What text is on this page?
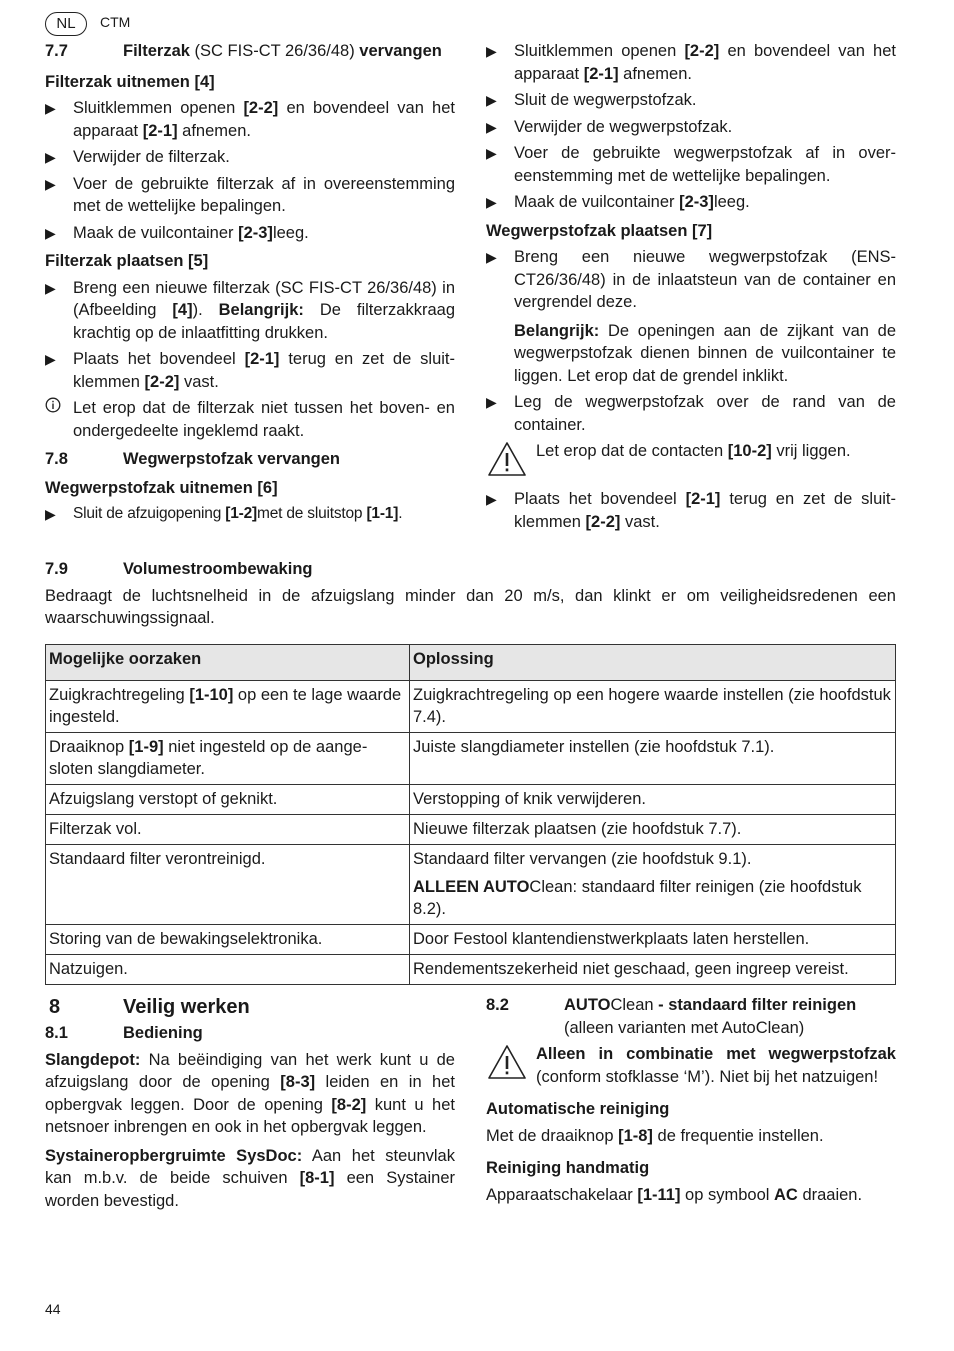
NL	CTM
7.7	Filterzak (SC FIS-CT 26/36/48) vervangen
Filterzak uitnemen [4]
▶	Sluitklemmen openen [2-2] en bovendeel van het apparaat [2-1] afnemen.
▶	Verwijder de filterzak.
▶	Voer de gebruikte filterzak af in overeenstemming met de wettelijke bepalingen.
▶	Maak de vuilcontainer [2-3]leeg.
Filterzak plaatsen [5]
▶	Breng een nieuwe filterzak (SC FIS-CT 26/36/48) in (Afbeelding [4]). Belangrijk: De filterzakkraag krachtig op de inlaatfitting drukken.
▶	Plaats het bovendeel [2-1] terug en zet de sluitklemmen [2-2] vast.
Let erop dat de filterzak niet tussen het boven- en ondergedeelte ingeklemd raakt.
7.8	Wegwerpstofzak vervangen
Wegwerpstofzak uitnemen [6]
▶	Sluit de afzuigopening [1-2]met de sluitstop [1-1].
▶	Sluitklemmen openen [2-2] en bovendeel van het apparaat [2-1] afnemen.
▶	Sluit de wegwerpstofzak.
▶	Verwijder de wegwerpstofzak.
▶	Voer de gebruikte wegwerpstofzak af in overeenstemming met de wettelijke bepalingen.
▶	Maak de vuilcontainer [2-3]leeg.
Wegwerpstofzak plaatsen [7]
▶	Breng een nieuwe wegwerpstofzak (ENS-CT26/36/48) in de inlaatsteun van de container en vergrendel deze.
Belangrijk: De openingen aan de zijkant van de wegwerpstofzak dienen binnen de vuilcontainer te liggen. Let erop dat de grendel inklikt.
▶	Leg de wegwerpstofzak over de rand van de container.
Let erop dat de contacten [10-2] vrij liggen.
▶	Plaats het bovendeel [2-1] terug en zet de sluitklemmen [2-2] vast.
7.9	Volumestroombewaking

Bedraagt de luchtsnelheid in de afzuigslang minder dan 20 m/s, dan klinkt er om veiligheidsredenen een waarschuwingssignaal.

Mogelijke oorzaken	Oplossing
Zuigkrachtregeling [1-10] op een te lage waarde ingesteld.	Zuigkrachtregeling op een hogere waarde instellen (zie hoofdstuk 7.4).
Draaiknop [1-9] niet ingesteld op de aangesloten slangdiameter.	Juiste slangdiameter instellen (zie hoofdstuk 7.1).
Afzuigslang verstopt of geknikt.	Verstopping of knik verwijderen.
Filterzak vol.	Nieuwe filterzak plaatsen (zie hoofdstuk 7.7).
Standaard filter verontreinigd.	Standaard filter vervangen (zie hoofdstuk 9.1).
ALLEEN AUTOClean: standaard filter reinigen (zie hoofdstuk 8.2).

Storing van de bewakingselektronika.	Door Festool klantendienstwerkplaats laten herstellen.
Natzuigen.	Rendementszekerheid niet geschaad, geen ingreep vereist.
8	Veilig werken
8.1	Bediening

Slangdepot: Na beëindiging van het werk kunt u de afzuigslang door de opening [8-3] leiden en in het opbergvak leggen. Door de opening [8-2] kunt u het netsnoer inbrengen en ook in het opbergvak leggen.

Systaineropbergruimte SysDoc: Aan het steunvlak kan m.b.v. de beide schuiven [8-1] een Systainer worden bevestigd.

8.2	AUTOClean - standaard filter reinigen
(alleen varianten met AutoClean)
Alleen in combinatie met wegwerpstofzak (conform stofklasse ‘M’). Niet bij het natzuigen!
Automatische reiniging

Met de draaiknop [1-8] de frequentie instellen.

Reiniging handmatig

Apparaatschakelaar [1-11] op symbool AC draaien.

44
